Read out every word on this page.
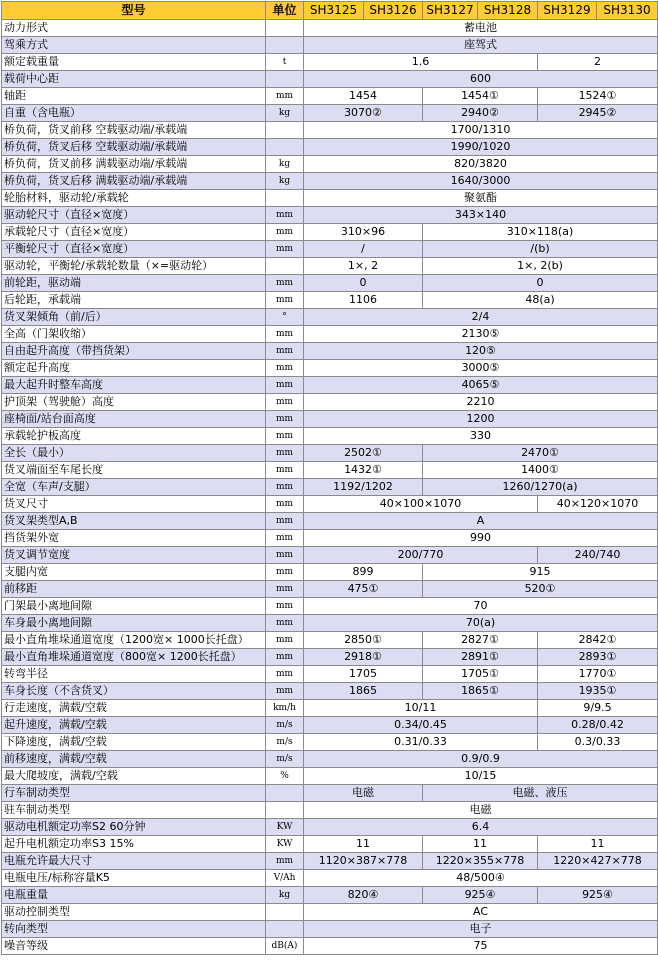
型号	单位	SH3125	SH3126	SH3127	SH3128	SH3129	SH3130
动力形式		蓄电池					
驾乘方式		座驾式					
额定载重量	t	1.6				2	
载荷中心距		600					
轴距	mm	1454		1454①		1524①	
自重（含电瓶）	kg	3070②		2940②		2945②	
桥负荷，货叉前移 空载驱动端/承载端		1700/1310					
桥负荷，货叉后移 空载驱动端/承载端		1990/1020					
桥负荷，货叉前移 满载驱动端/承载端	kg	820/3820					
桥负荷，货叉后移 满载驱动端/承载端	kg	1640/3000					
轮胎材料，驱动轮/承载轮		聚氨酯					
驱动轮尺寸（直径×宽度）	mm	343×140					
承载轮尺寸（直径×宽度）	mm	310×96		310×118(a)			
平衡轮尺寸（直径×宽度）	mm	/		/(b)			
驱动轮，平衡轮/承载轮数量（×=驱动轮）		1×, 2		1×, 2(b)			
前轮距，驱动端	mm	0		0			
后轮距，承载端	mm	1106		48(a)			
货叉架倾角（前/后）	°	2/4					
全高（门架收缩）	mm	2130⑤					
自由起升高度（带挡货架）	mm	120⑤					
额定起升高度	mm	3000⑤					
最大起升时整车高度	mm	4065⑤					
护顶架（驾驶舱）高度	mm	2210					
座椅面/站台面高度	mm	1200					
承载轮护板高度	mm	330					
全长（最小）	mm	2502①		2470①			
货叉端面至车尾长度	mm	1432①		1400①			
全宽（车声/支腿）	mm	1192/1202		1260/1270(a)			
货叉尺寸	mm	40×100×1070				40×120×1070	
货叉架类型A,B	mm	A					
挡货架外宽	mm	990					
货叉调节宽度	mm	200/770				240/740	
支腿内宽	mm	899		915			
前移距	mm	475①		520①			
门架最小离地间隙	mm	70					
车身最小离地间隙	mm	70(a)					
最小直角堆垛通道宽度（1200宽× 1000长托盘）	mm	2850①		2827①		2842①	
最小直角堆垛通道宽度（800宽× 1200长托盘）	mm	2918①		2891①		2893①	
转弯半径	mm	1705		1705①		1770①	
车身长度（不含货叉）	mm	1865		1865①		1935①	
行走速度，满载/空载	km/h	10/11				9/9.5	
起升速度，满载/空载	m/s	0.34/0.45				0.28/0.42	
下降速度，满载/空载	m/s	0.31/0.33				0.3/0.33	
前移速度，满载/空载	m/s	0.9/0.9					
最大爬坡度，满载/空载	%	10/15					
行车制动类型		电磁		电磁、液压			
驻车制动类型		电磁					
驱动电机额定功率S2 60分钟	KW	6.4					
起升电机额定功率S3 15%	KW	11		11		11	
电瓶允许最大尺寸	mm	1120×387×778		1220×355×778		1220×427×778	
电瓶电压/标称容量K5	V/Ah	48/500④					
电瓶重量	kg	820④		925④		925④	
驱动控制类型		AC					
转向类型		电子					
噪音等级	dB(A)	75					
